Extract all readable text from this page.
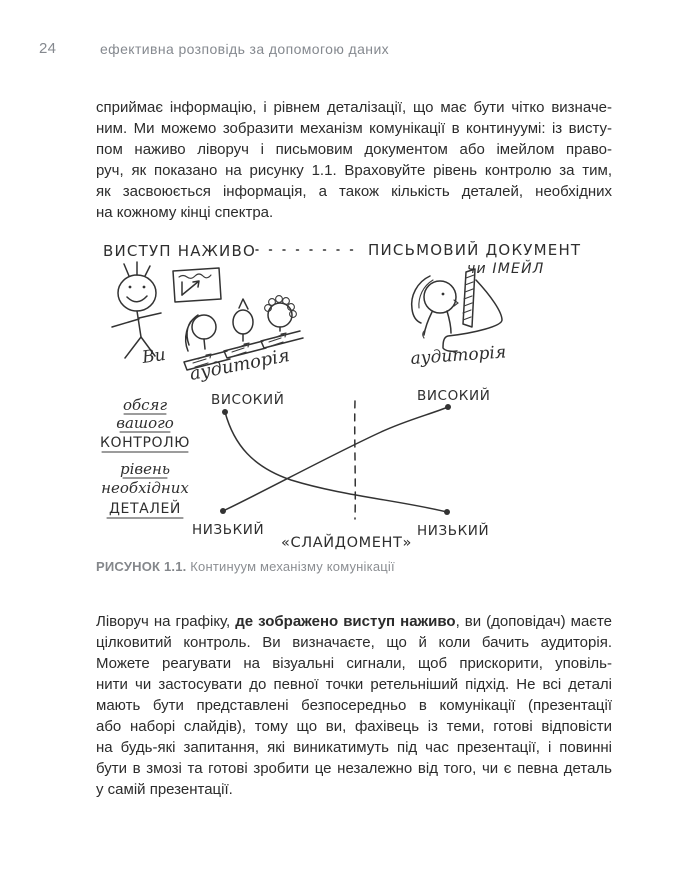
24	ефективна розповідь за допомогою даних
сприймає інформацію, і рівнем деталізації, що має бути чітко визначе-
ним. Ми можемо зобразити механізм комунікації в континуумі: із висту-
пом наживо ліворуч і письмовим документом або імейлом право-
руч, як показано на рисунку 1.1. Враховуйте рівень контролю за тим,
як засвоюється інформація, а також кількість деталей, необхідних
на кожному кінці спектра.
ВИСТУП НАЖИВО	ПИСЬМОВИЙ ДОКУМЕНТ
чи ІМЕЙЛ
Ви аудиторія	аудиторія
обсяг
вашого
КОНТРОЛЮ
рівень
необхідних
ДЕТАЛЕЙ
ВИСОКИЙ	ВИСОКИЙ
НИЗЬКИЙ	НИЗЬКИЙ
«СЛАЙДОМЕНТ»
РИСУНОК 1.1. Континуум механізму комунікації
Ліворуч на графіку, де зображено виступ наживо, ви (доповідач) маєте
цілковитий контроль. Ви визначаєте, що й коли бачить аудиторія.
Можете реагувати на візуальні сигнали, щоб прискорити, уповіль-
нити чи застосувати до певної точки ретельніший підхід. Не всі деталі
мають бути представлені безпосередньо в комунікації (презентації
або наборі слайдів), тому що ви, фахівець із теми, готові відповісти
на будь-які запитання, які виникатимуть під час презентації, і повинні
бути в змозі та готові зробити це незалежно від того, чи є певна деталь
у самій презентації.
